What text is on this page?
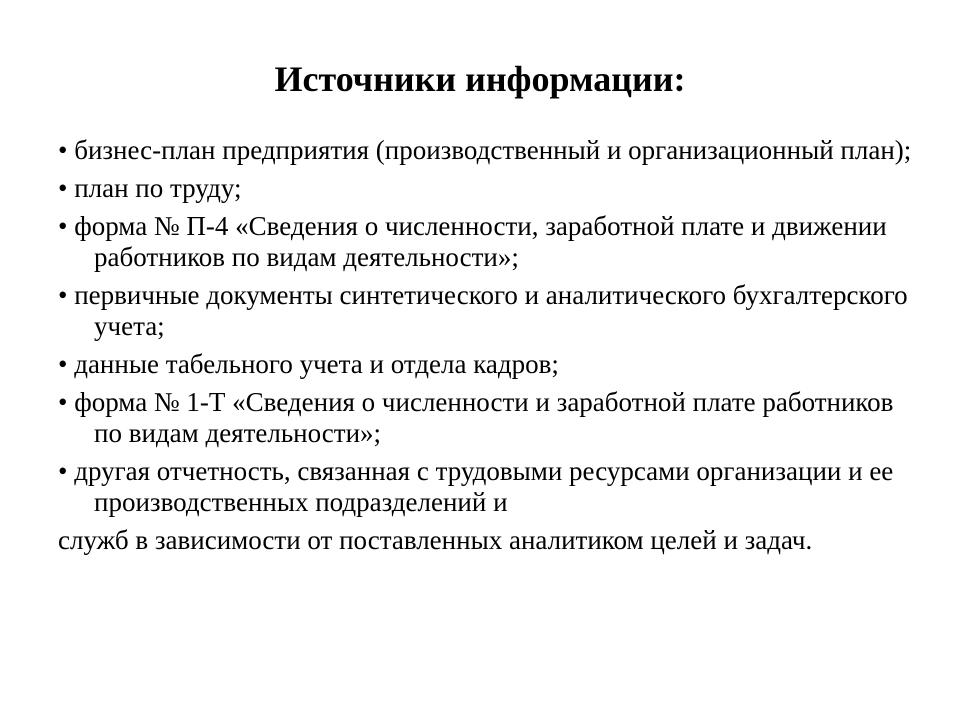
Источники информации:
• бизнес-план предприятия (производственный и организационный план);
• план по труду;
• форма № П-4 «Сведения о численности, заработной плате и движении работников по видам деятельности»;
• первичные документы синтетического и аналитического бухгалтерского учета;
• данные табельного учета и отдела кадров;
• форма № 1-Т «Сведения о численности и заработной плате работников по видам деятельности»;
• другая отчетность, связанная с трудовыми ресурсами организации и ее производственных подразделений и
служб в зависимости от поставленных аналитиком целей и задач.
